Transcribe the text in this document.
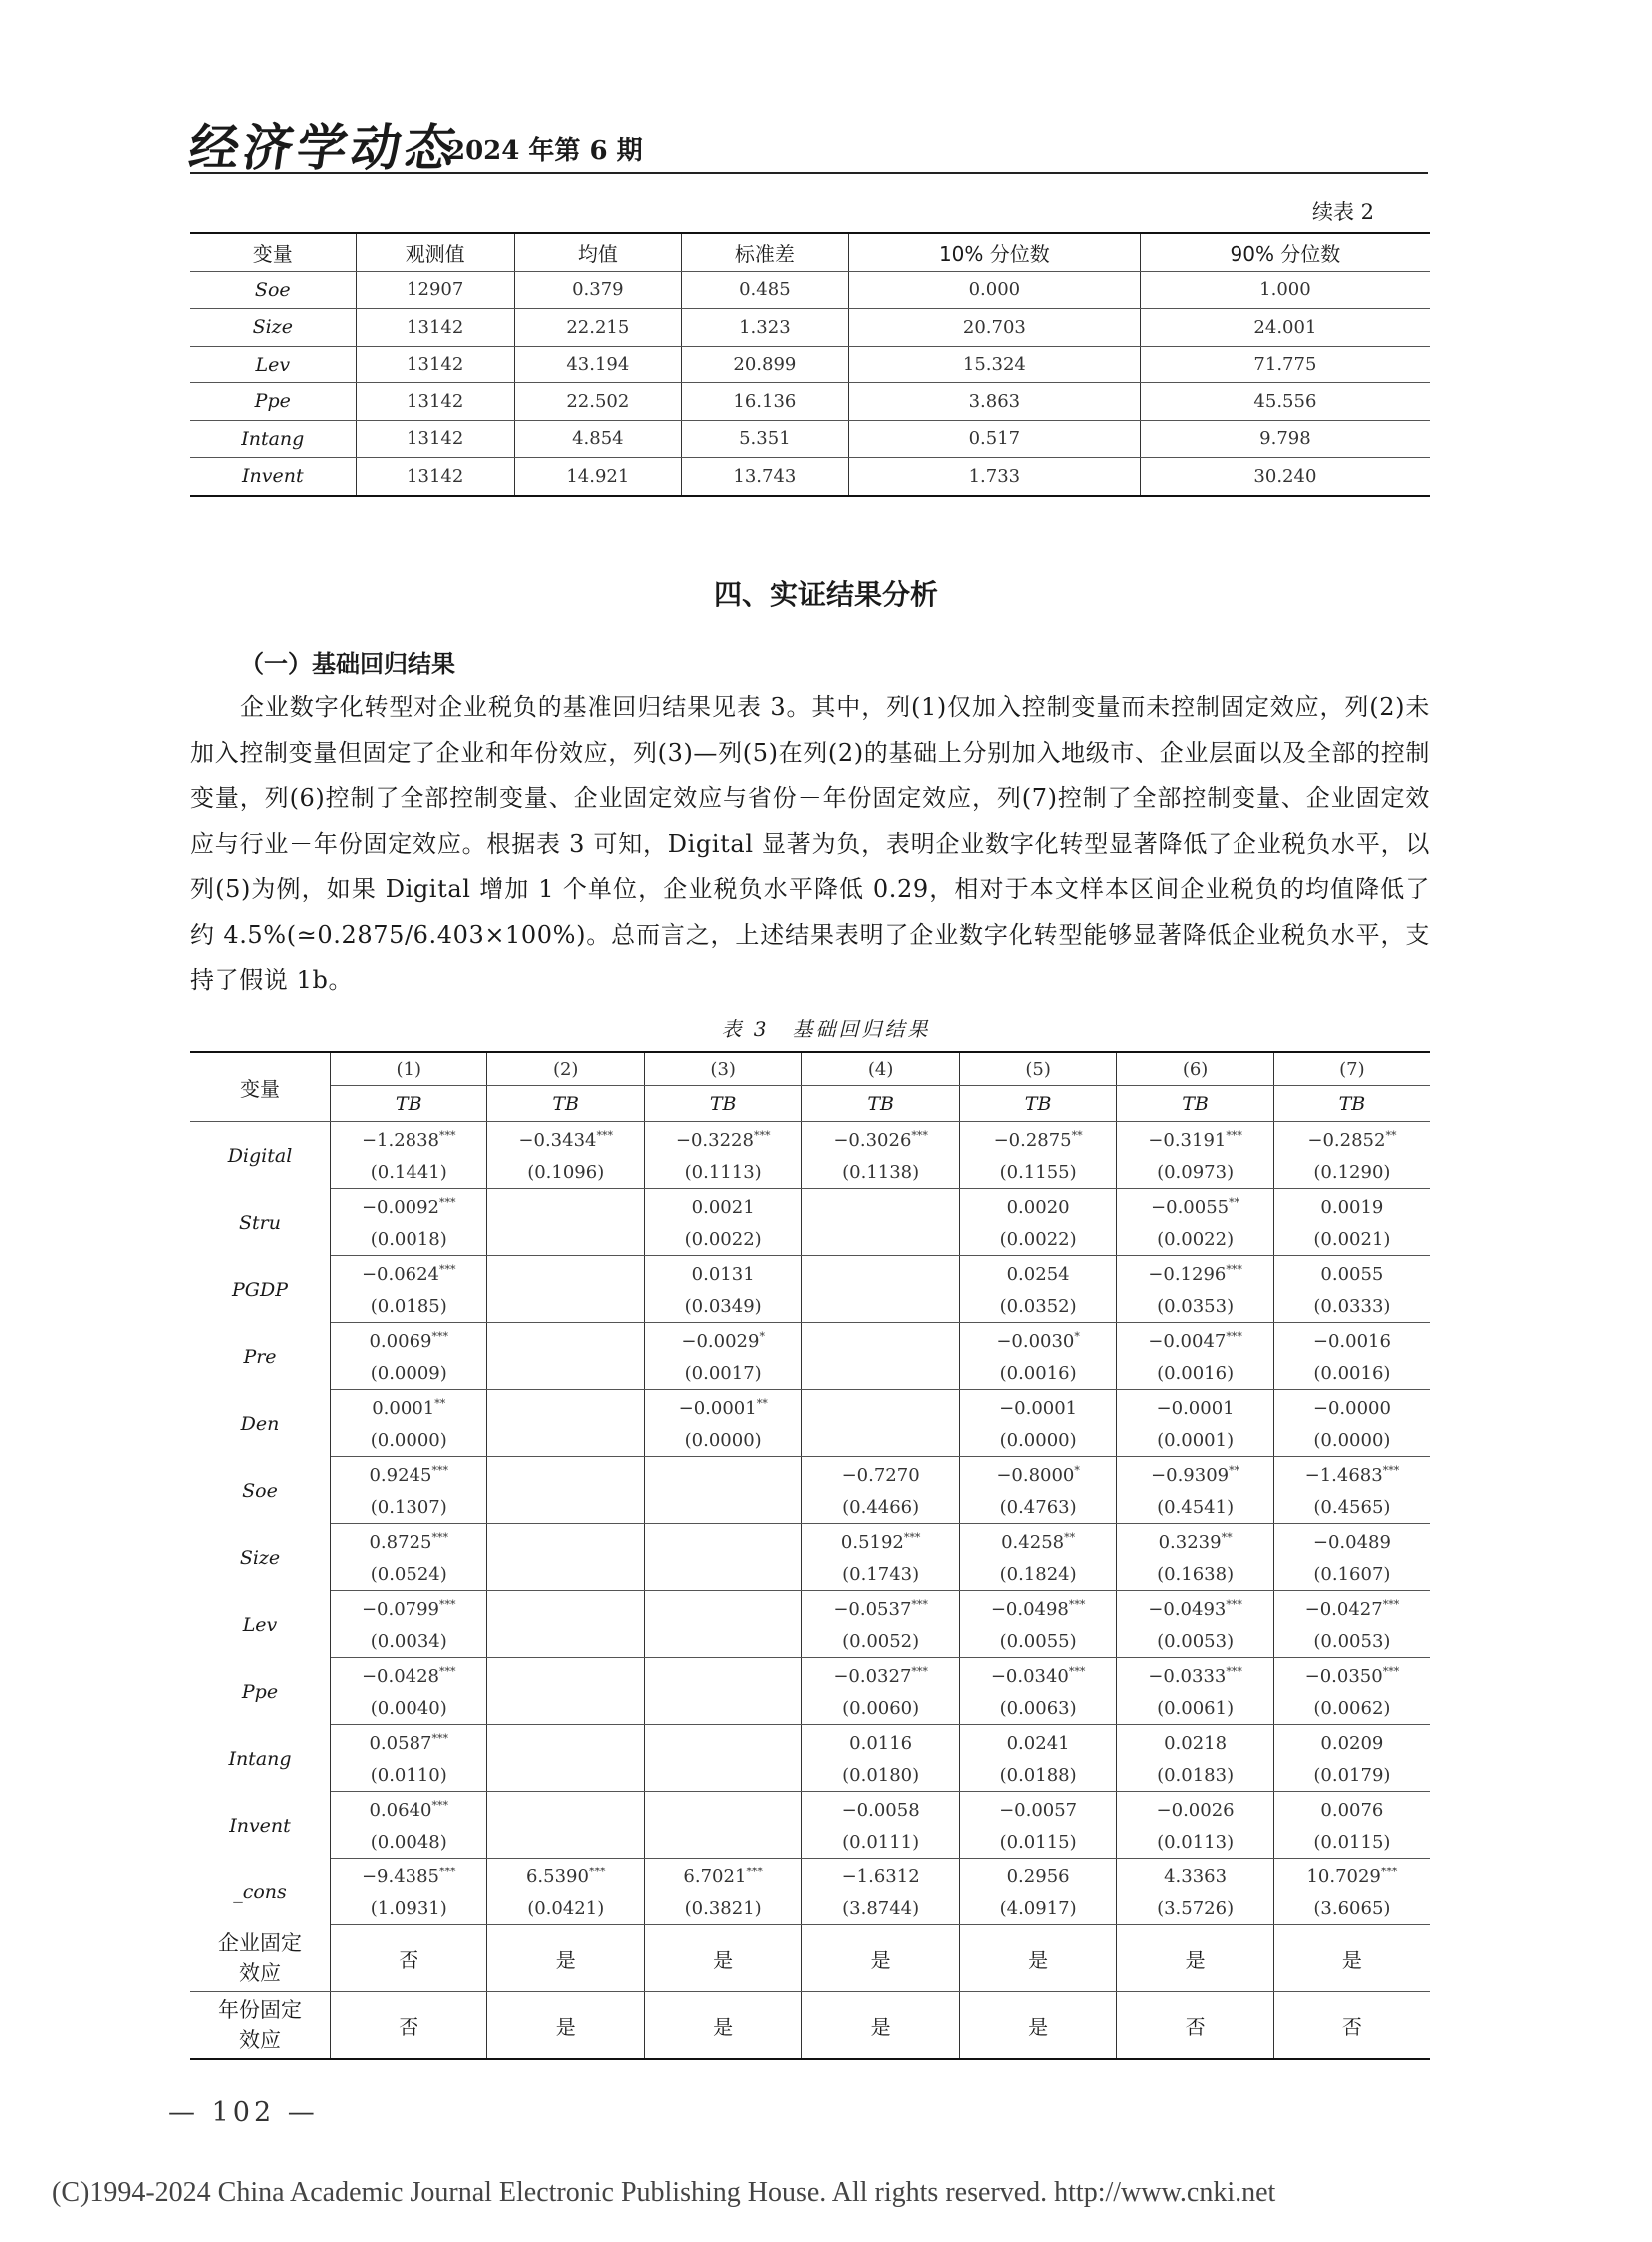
经济学动态
2024 年第 6 期
续表 2
变量	观测值	均值	标准差	10% 分位数	90% 分位数
Soe	12907	0.379	0.485	0.000	1.000
Size	13142	22.215	1.323	20.703	24.001
Lev	13142	43.194	20.899	15.324	71.775
Ppe	13142	22.502	16.136	3.863	45.556
Intang	13142	4.854	5.351	0.517	9.798
Invent	13142	14.921	13.743	1.733	30.240
四、实证结果分析
（一）基础回归结果
企业数字化转型对企业税负的基准回归结果见表 3。其中，列(1)仅加入控制变量而未控制固定效应，列(2)未加入控制变量但固定了企业和年份效应，列(3)—列(5)在列(2)的基础上分别加入地级市、企业层面以及全部的控制变量，列(6)控制了全部控制变量、企业固定效应与省份－年份固定效应，列(7)控制了全部控制变量、企业固定效应与行业－年份固定效应。根据表 3 可知，Digital 显著为负，表明企业数字化转型显著降低了企业税负水平，以列(5)为例，如果 Digital 增加 1 个单位，企业税负水平降低 0.29，相对于本文样本区间企业税负的均值降低了约 4.5%(≃0.2875/6.403×100%)。总而言之，上述结果表明了企业数字化转型能够显著降低企业税负水平，支持了假说 1b。
表 3　基础回归结果
变量	(1)	(2)	(3)	(4)	(5)	(6)	(7)
	TB	TB	TB	TB	TB	TB	TB
Digital	−1.2838***	−0.3434***	−0.3228***	−0.3026***	−0.2875**	−0.3191***	−0.2852**
	(0.1441)	(0.1096)	(0.1113)	(0.1138)	(0.1155)	(0.0973)	(0.1290)
Stru	−0.0092***		0.0021		0.0020	−0.0055**	0.0019
	(0.0018)		(0.0022)		(0.0022)	(0.0022)	(0.0021)
PGDP	−0.0624***		0.0131		0.0254	−0.1296***	0.0055
	(0.0185)		(0.0349)		(0.0352)	(0.0353)	(0.0333)
Pre	0.0069***		−0.0029*		−0.0030*	−0.0047***	−0.0016
	(0.0009)		(0.0017)		(0.0016)	(0.0016)	(0.0016)
Den	0.0001**		−0.0001**		−0.0001	−0.0001	−0.0000
	(0.0000)		(0.0000)		(0.0000)	(0.0001)	(0.0000)
Soe	0.9245***			−0.7270	−0.8000*	−0.9309**	−1.4683***
	(0.1307)			(0.4466)	(0.4763)	(0.4541)	(0.4565)
Size	0.8725***			0.5192***	0.4258**	0.3239**	−0.0489
	(0.0524)			(0.1743)	(0.1824)	(0.1638)	(0.1607)
Lev	−0.0799***			−0.0537***	−0.0498***	−0.0493***	−0.0427***
	(0.0034)			(0.0052)	(0.0055)	(0.0053)	(0.0053)
Ppe	−0.0428***			−0.0327***	−0.0340***	−0.0333***	−0.0350***
	(0.0040)			(0.0060)	(0.0063)	(0.0061)	(0.0062)
Intang	0.0587***			0.0116	0.0241	0.0218	0.0209
	(0.0110)			(0.0180)	(0.0188)	(0.0183)	(0.0179)
Invent	0.0640***			−0.0058	−0.0057	−0.0026	0.0076
	(0.0048)			(0.0111)	(0.0115)	(0.0113)	(0.0115)
_cons	−9.4385***	6.5390***	6.7021***	−1.6312	0.2956	4.3363	10.7029***
	(1.0931)	(0.0421)	(0.3821)	(3.8744)	(4.0917)	(3.5726)	(3.6065)

企业固定
效应	否	是	是	是	是	是	是

年份固定
效应	否	是	是	是	是	否	否
— 102 —
(C)1994-2024 China Academic Journal Electronic Publishing House. All rights reserved. http://www.cnki.net
